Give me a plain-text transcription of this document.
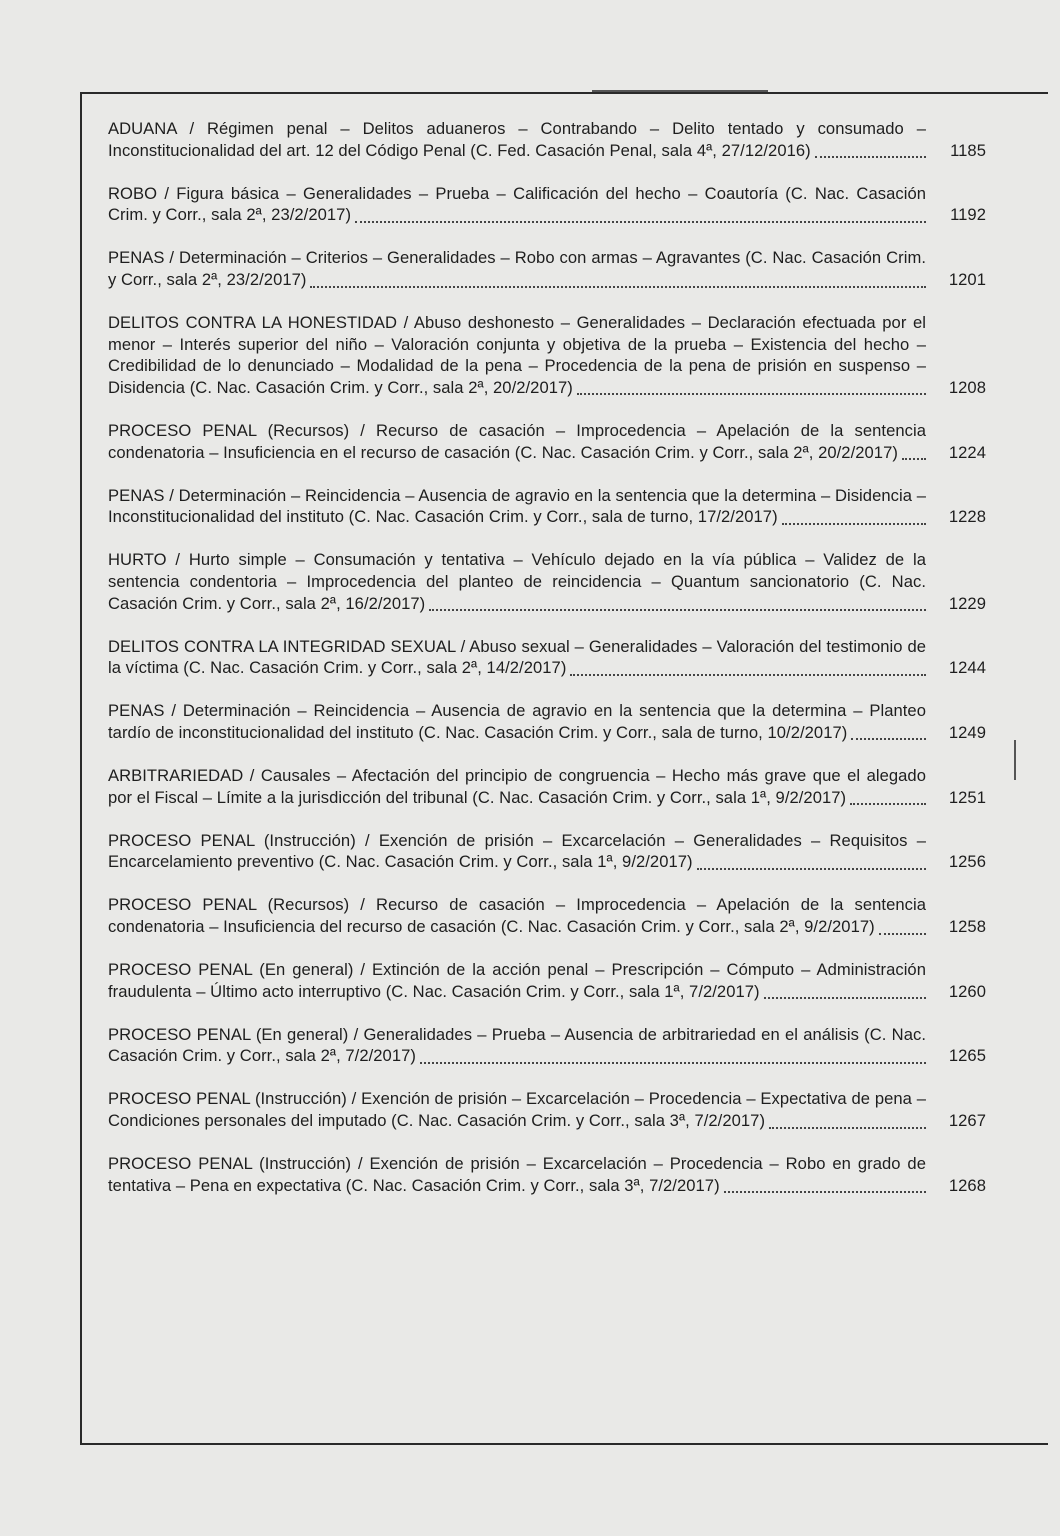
ADUANA / Régimen penal – Delitos aduaneros – Contrabando – Delito tentado y consumado – Inconstitucionalidad del art. 12 del Código Penal (C. Fed. Casación Penal, sala 4ª, 27/12/2016)	1185
ROBO / Figura básica – Generalidades – Prueba – Calificación del hecho – Coautoría (C. Nac. Casación Crim. y Corr., sala 2ª, 23/2/2017)	1192
PENAS / Determinación – Criterios – Generalidades – Robo con armas – Agravantes (C. Nac. Casación Crim. y Corr., sala 2ª, 23/2/2017)	1201
DELITOS CONTRA LA HONESTIDAD / Abuso deshonesto – Generalidades – Declaración efectuada por el menor – Interés superior del niño – Valoración conjunta y objetiva de la prueba – Existencia del hecho – Credibilidad de lo denunciado – Modalidad de la pena – Procedencia de la pena de prisión en suspenso – Disidencia (C. Nac. Casación Crim. y Corr., sala 2ª, 20/2/2017)	1208
PROCESO PENAL (Recursos) / Recurso de casación – Improcedencia – Apelación de la sentencia condenatoria – Insuficiencia en el recurso de casación (C. Nac. Casación Crim. y Corr., sala 2ª, 20/2/2017)	1224
PENAS / Determinación – Reincidencia – Ausencia de agravio en la sentencia que la determina – Disidencia – Inconstitucionalidad del instituto (C. Nac. Casación Crim. y Corr., sala de turno, 17/2/2017)	1228
HURTO / Hurto simple – Consumación y tentativa – Vehículo dejado en la vía pública – Validez de la sentencia condentoria – Improcedencia del planteo de reincidencia – Quantum sancionatorio (C. Nac. Casación Crim. y Corr., sala 2ª, 16/2/2017)	1229
DELITOS CONTRA LA INTEGRIDAD SEXUAL / Abuso sexual – Generalidades – Valoración del testimonio de la víctima (C. Nac. Casación Crim. y Corr., sala 2ª, 14/2/2017)	1244
PENAS / Determinación – Reincidencia – Ausencia de agravio en la sentencia que la determina – Planteo tardío de inconstitucionalidad del instituto (C. Nac. Casación Crim. y Corr., sala de turno, 10/2/2017)	1249
ARBITRARIEDAD / Causales – Afectación del principio de congruencia – Hecho más grave que el alegado por el Fiscal – Límite a la jurisdicción del tribunal (C. Nac. Casación Crim. y Corr., sala 1ª, 9/2/2017)	1251
PROCESO PENAL (Instrucción) / Exención de prisión – Excarcelación – Generalidades – Requisitos – Encarcelamiento preventivo (C. Nac. Casación Crim. y Corr., sala 1ª, 9/2/2017)	1256
PROCESO PENAL (Recursos) / Recurso de casación – Improcedencia – Apelación de la sentencia condenatoria – Insuficiencia del recurso de casación (C. Nac. Casación Crim. y Corr., sala 2ª, 9/2/2017)	1258
PROCESO PENAL (En general) / Extinción de la acción penal – Prescripción – Cómputo – Administración fraudulenta – Último acto interruptivo (C. Nac. Casación Crim. y Corr., sala 1ª, 7/2/2017)	1260
PROCESO PENAL (En general) / Generalidades – Prueba – Ausencia de arbitrariedad en el análisis (C. Nac. Casación Crim. y Corr., sala 2ª, 7/2/2017)	1265
PROCESO PENAL (Instrucción) / Exención de prisión – Excarcelación – Procedencia – Expectativa de pena – Condiciones personales del imputado (C. Nac. Casación Crim. y Corr., sala 3ª, 7/2/2017)	1267
PROCESO PENAL (Instrucción) / Exención de prisión – Excarcelación – Procedencia – Robo en grado de tentativa – Pena en expectativa (C. Nac. Casación Crim. y Corr., sala 3ª, 7/2/2017)	1268
